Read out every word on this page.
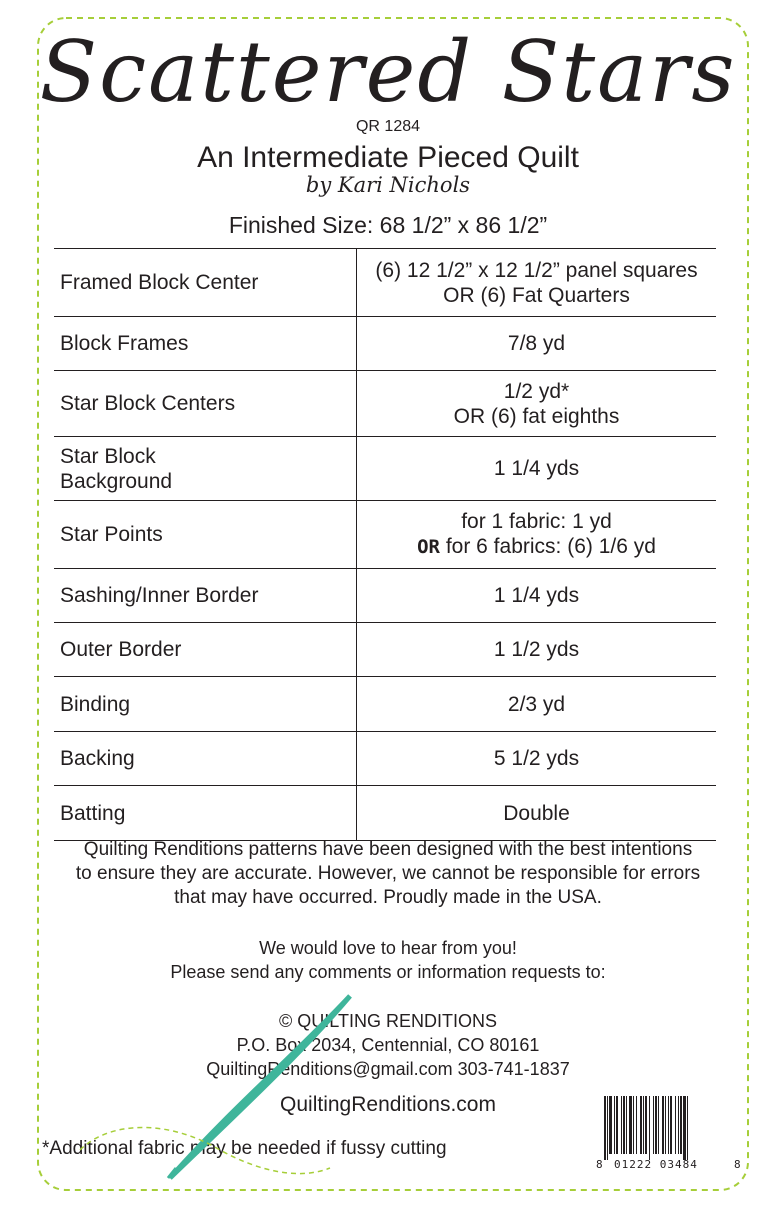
Scattered Stars
QR 1284
An Intermediate Pieced Quilt
by Kari Nichols
Finished Size: 68 1/2” x 86 1/2”
Framed Block Center	(6) 12 1/2” x 12 1/2” panel squares
OR (6) Fat Quarters

Block Frames	7/8 yd

Star Block Centers	1/2 yd*
OR (6) fat eighths

Star Block
Background	1 1/4 yds

Star Points	for 1 fabric: 1 yd
OR for 6 fabrics: (6) 1/6 yd

Sashing/Inner Border	1 1/4 yds

Outer Border	1 1/2 yds

Binding	2/3 yd

Backing	5 1/2 yds

Batting	Double
Quilting Renditions patterns have been designed with the best intentions
to ensure they are accurate. However, we cannot be responsible for errors
that may have occurred. Proudly made in the USA.
We would love to hear from you!
Please send any comments or information requests to:
© QUILTING RENDITIONS
P.O. Box 2034, Centennial, CO 80161
QuiltingRenditions@gmail.com 303-741-1837
QuiltingRenditions.com
*Additional fabric may be needed if fussy cutting
8 01222 03484	8
